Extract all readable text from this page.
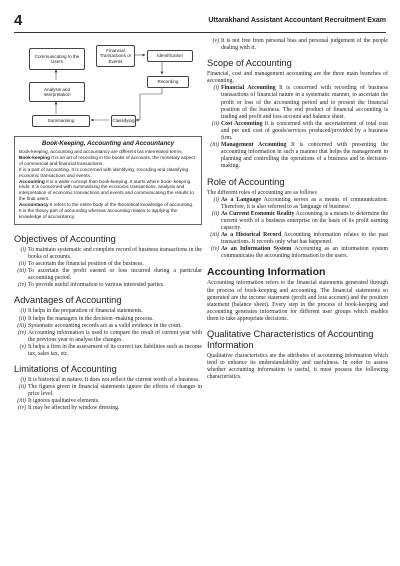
4	Uttarakhand Assistant Accountant Recruitment Exam
Communicating to the Users
Financial Transactions or Events
Identification
Analysis and Interpretation
Recording
Summarising	Classifying
Book-Keeping, Accounting and Accountancy

Book-keeping, accounting and accountancy are different but interrelated terms.

Book-keeping It is an art of recording in the books of accounts, the monetary aspect of commercial and financial transactions.

It is a part of accounting. It is concerned with identifying, recording and classifying economic transactions and events.

Accounting It is a wider concept than book-keeping. It starts where book- keeping ends. It is concerned with summarising the economic transactions, analysis and interpretation of economic transactions and events and communicating the results to the final users.

Accountancy It refers to the entire body of the theoretical knowledge of accounting. It is the theory part of accounting whereas accounting relates to applying the knowledge of accountancy.

Objectives of Accounting
(i) To maintain systematic and complete record of business transactions in the books of accounts.
(ii) To ascertain the financial position of the business.
(iii) To ascertain the profit earned or loss incurred during a particular accounting period.
(iv) To provide useful information to various interested parties.
Advantages of Accounting
(i) It helps in the preparation of financial statements.
(ii) It helps the managers in the decision -making process.
(iii) Systematic accounting records act as a valid evidence in the court.
(iv) Accounting information is used to compare the result of current year with the previous year to analyse the changes.
(v) It helps a firm in the assessment of its correct tax liabilities such as income tax, sales tax, etc.
Limitations of Accounting
(i) It is historical in nature. It does not reflect the current worth of a business.
(ii) The figures given in financial statements ignore the effects of changes in price level.
(iii) It ignores qualitative elements.
(iv) It may be affected by window dressing.
(v) It is not free from personal bias and personal judgement of the people dealing with it.
Scope of Accounting

Financial, cost and management accounting are the three main branches of accounting.

(i) Financial Accounting It is concerned with recording of business transactions of financial nature in a systematic manner, to ascertain the profit or loss of the accounting period and to present the financial position of the business. The end product of financial accounting is trading and profit and loss account and balance sheet.
(ii) Cost Accounting It is concerned with the ascertainment of total cost and per unit cost of goods/services produced/provided by a business firm.
(iii) Management Accounting It is concerned with presenting the accounting information in such a manner that helps the management in planning and controlling the operations of a business and in decision-making.
Role of Accounting

The different roles of accounting are as follows

(i) As a Language Accounting serves as a means of communication. Therefore, it is also referred to as 'language of business'.
(ii) As Current Economic Reality Accounting is a means to determine the current worth of a business enterprise on the basis of its profit earning capacity.
(iii) As a Historical Record Accounting information relates to the past transactions. It records only what has happened.
(iv) As an Information System Accounting as an information system communicates the accounting information to the users.
Accounting Information

Accounting information refers to the financial statements generated through the process of book-keeping and accounting. The financial statements so generated are the income statement (profit and loss account) and the position statement (balance sheet). Every step in the process of book-keeping and accounting generates information for different user groups which enables them to take appropriate decisions.

Qualitative Characteristics of Accounting Information

Qualitative characteristics are the attributes of accounting information which tend to enhance its understandability and usefulness. In order to assess whether accounting information is useful, it must possess the following characteristics.
